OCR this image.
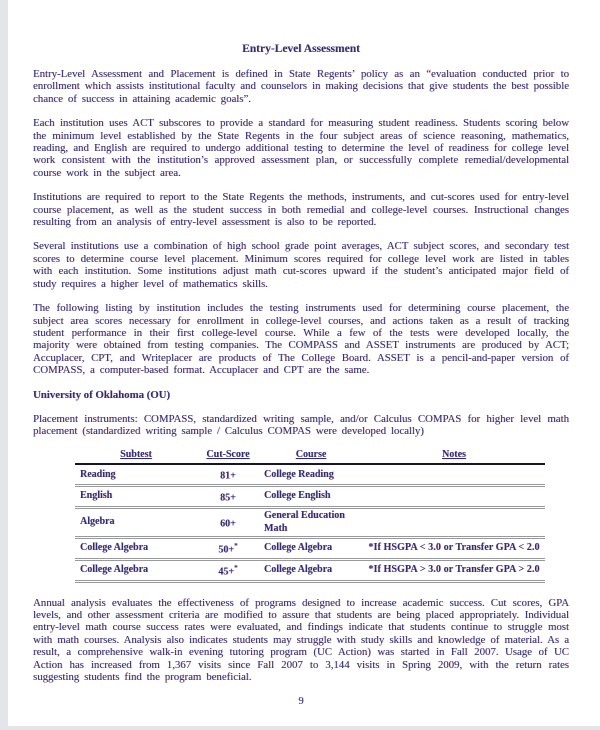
Entry-Level Assessment

Entry-Level Assessment and Placement is defined in State Regents’ policy as an “evaluation conducted prior to enrollment which assists institutional faculty and counselors in making decisions that give students the best possible chance of success in attaining academic goals”.

Each institution uses ACT subscores to provide a standard for measuring student readiness. Students scoring below the minimum level established by the State Regents in the four subject areas of science reasoning, mathematics, reading, and English are required to undergo additional testing to determine the level of readiness for college level work consistent with the institution’s approved assessment plan, or successfully complete remedial/developmental course work in the subject area.

Institutions are required to report to the State Regents the methods, instruments, and cut-scores used for entry-level course placement, as well as the student success in both remedial and college-level courses. Instructional changes resulting from an analysis of entry-level assessment is also to be reported.

Several institutions use a combination of high school grade point averages, ACT subject scores, and secondary test scores to determine course level placement. Minimum scores required for college level work are listed in tables with each institution. Some institutions adjust math cut-scores upward if the student’s anticipated major field of study requires a higher level of mathematics skills.

The following listing by institution includes the testing instruments used for determining course placement, the subject area scores necessary for enrollment in college-level courses, and actions taken as a result of tracking student performance in their first college-level course. While a few of the tests were developed locally, the majority were obtained from testing companies. The COMPASS and ASSET instruments are produced by ACT; Accuplacer, CPT, and Writeplacer are products of The College Board. ASSET is a pencil-and-paper version of COMPASS, a computer-based format. Accuplacer and CPT are the same.

University of Oklahoma (OU)

Placement instruments: COMPASS, standardized writing sample, and/or Calculus COMPAS for higher level math placement (standardized writing sample / Calculus COMPAS were developed locally)

Subtest	Cut-Score	Course	Notes
Reading	81+	College Reading	
English	85+	College English	
Algebra	60+	General Education Math	
College Algebra	50+*	College Algebra	*If HSGPA < 3.0 or Transfer GPA < 2.0
College Algebra	45+*	College Algebra	*If HSGPA > 3.0 or Transfer GPA > 2.0

Annual analysis evaluates the effectiveness of programs designed to increase academic success. Cut scores, GPA levels, and other assessment criteria are modified to assure that students are being placed appropriately. Individual entry-level math course success rates were evaluated, and findings indicate that students continue to struggle most with math courses. Analysis also indicates students may struggle with study skills and knowledge of material. As a result, a comprehensive walk-in evening tutoring program (UC Action) was started in Fall 2007. Usage of UC Action has increased from 1,367 visits since Fall 2007 to 3,144 visits in Spring 2009, with the return rates suggesting students find the program beneficial.

9
